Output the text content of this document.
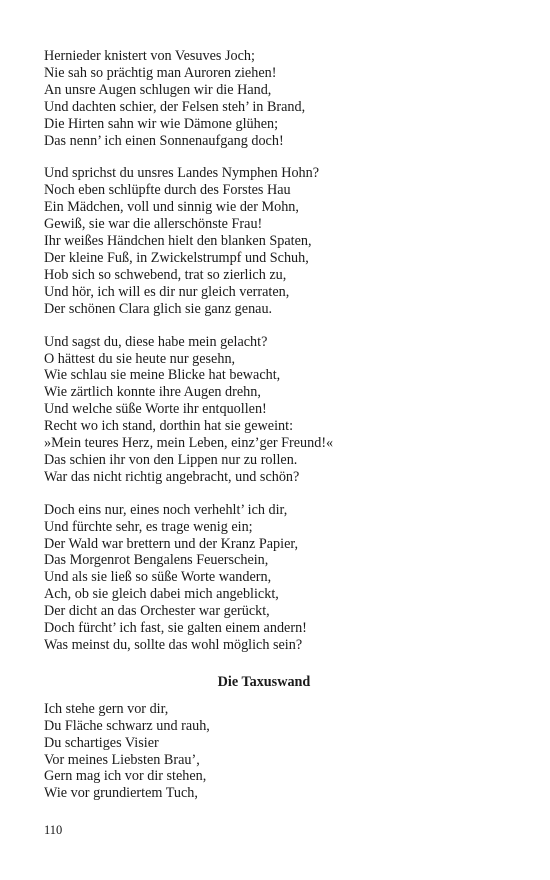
Hernieder knistert von Vesuves Joch;
Nie sah so prächtig man Auroren ziehen!
An unsre Augen schlugen wir die Hand,
Und dachten schier, der Felsen steh’ in Brand,
Die Hirten sahn wir wie Dämone glühen;
Das nenn’ ich einen Sonnenaufgang doch!
Und sprichst du unsres Landes Nymphen Hohn?
Noch eben schlüpfte durch des Forstes Hau
Ein Mädchen, voll und sinnig wie der Mohn,
Gewiß, sie war die allerschönste Frau!
Ihr weißes Händchen hielt den blanken Spaten,
Der kleine Fuß, in Zwickelstrumpf und Schuh,
Hob sich so schwebend, trat so zierlich zu,
Und hör, ich will es dir nur gleich verraten,
Der schönen Clara glich sie ganz genau.
Und sagst du, diese habe mein gelacht?
O hättest du sie heute nur gesehn,
Wie schlau sie meine Blicke hat bewacht,
Wie zärtlich konnte ihre Augen drehn,
Und welche süße Worte ihr entquollen!
Recht wo ich stand, dorthin hat sie geweint:
»Mein teures Herz, mein Leben, einz’ger Freund!«
Das schien ihr von den Lippen nur zu rollen.
War das nicht richtig angebracht, und schön?
Doch eins nur, eines noch verhehlt’ ich dir,
Und fürchte sehr, es trage wenig ein;
Der Wald war brettern und der Kranz Papier,
Das Morgenrot Bengalens Feuerschein,
Und als sie ließ so süße Worte wandern,
Ach, ob sie gleich dabei mich angeblickt,
Der dicht an das Orchester war gerückt,
Doch fürcht’ ich fast, sie galten einem andern!
Was meinst du, sollte das wohl möglich sein?
Die Taxuswand
Ich stehe gern vor dir,
Du Fläche schwarz und rauh,
Du schartiges Visier
Vor meines Liebsten Brau’,
Gern mag ich vor dir stehen,
Wie vor grundiertem Tuch,
110
